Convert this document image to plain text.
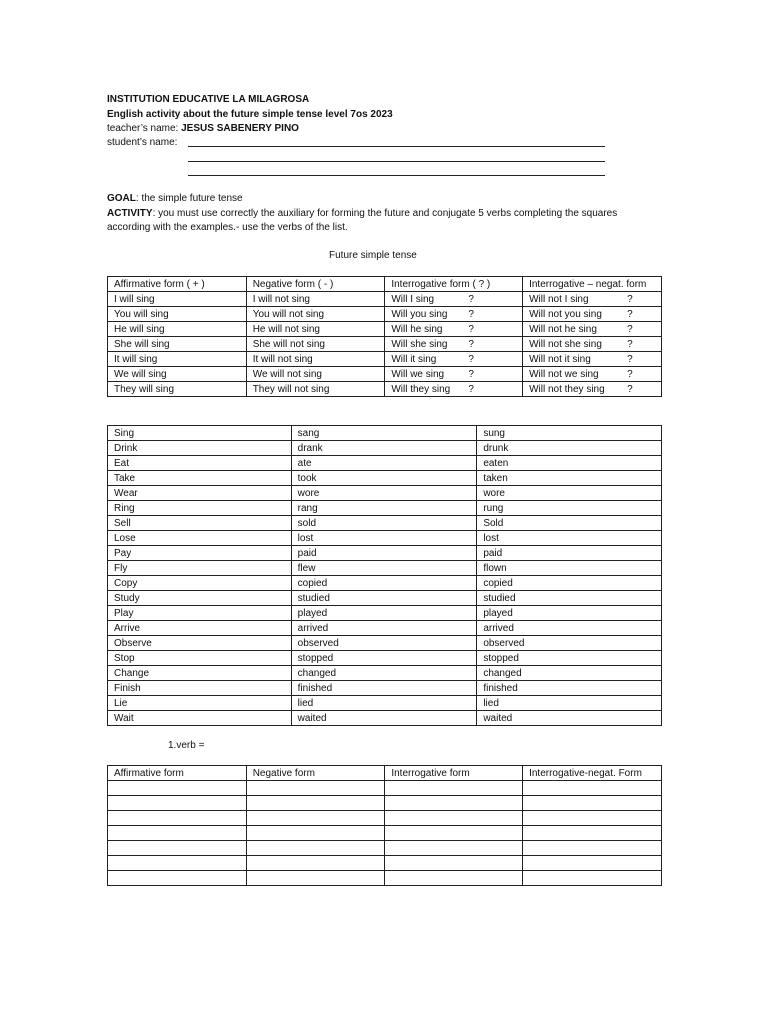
INSTITUTION EDUCATIVE LA MILAGROSA
English activity about the future simple tense level 7os 2023
teacher’s name: JESUS SABENERY PINO
student’s name:
GOAL: the simple future tense
ACTIVITY: you must use correctly the auxiliary for forming the future and conjugate 5 verbs completing the squares
according with the examples.- use the verbs of the list.
Future simple tense
Affirmative form ( + )	Negative form ( - )	Interrogative form ( ? )	Interrogative – negat. form
I will sing	I will not sing	Will I sing ?	Will not I sing ?

You will sing	You will not sing	Will you sing ?	Will not you sing ?

He will sing	He will not sing	Will he sing ?	Will not he sing ?

She will sing	She will not sing	Will she sing ?	Will not she sing ?

It will sing	It will not sing	Will it sing ?	Will not it sing ?

We will sing	We will not sing	Will we sing ?	Will not we sing ?

They will sing	They will not sing	Will they sing ?	Will not they sing ?
Sing	sang	sung
Drink	drank	drunk
Eat	ate	eaten
Take	took	taken
Wear	wore	wore
Ring	rang	rung
Sell	sold	Sold
Lose	lost	lost
Pay	paid	paid
Fly	flew	flown
Copy	copied	copied
Study	studied	studied
Play	played	played
Arrive	arrived	arrived
Observe	observed	observed
Stop	stopped	stopped
Change	changed	changed
Finish	finished	finished
Lie	lied	lied
Wait	waited	waited
1.verb =
Affirmative form	Negative form	Interrogative form	Interrogative-negat. Form
